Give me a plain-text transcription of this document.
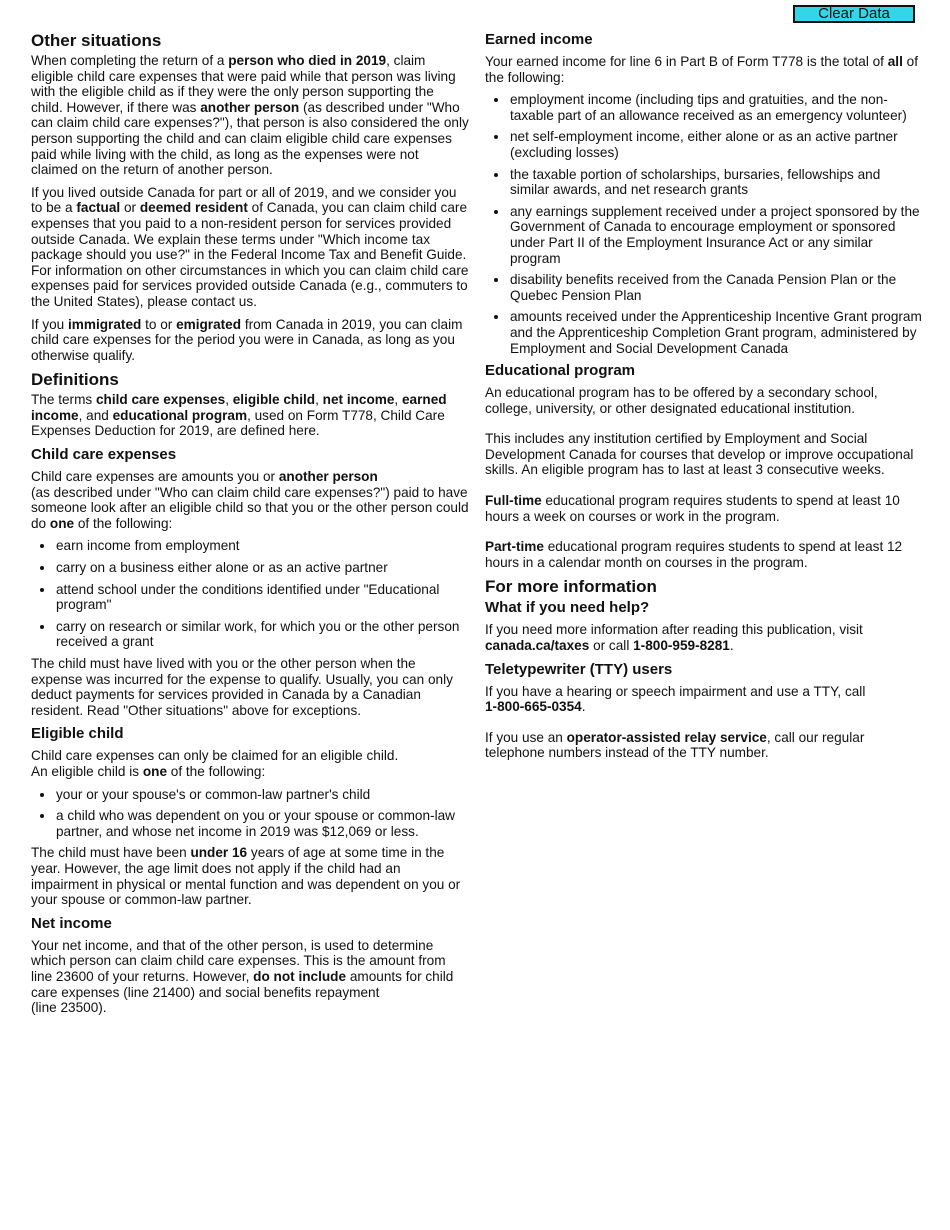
Clear Data
Other situations

When completing the return of a person who died in 2019, claim eligible child care expenses that were paid while that person was living with the eligible child as if they were the only person supporting the child. However, if there was another person (as described under "Who can claim child care expenses?"), that person is also considered the only person supporting the child and can claim eligible child care expenses paid while living with the child, as long as the expenses were not claimed on the return of another person.

If you lived outside Canada for part or all of 2019, and we consider you to be a factual or deemed resident of Canada, you can claim child care expenses that you paid to a non-resident person for services provided outside Canada. We explain these terms under "Which income tax package should you use?" in the Federal Income Tax and Benefit Guide. For information on other circumstances in which you can claim child care expenses paid for services provided outside Canada (e.g., commuters to the United States), please contact us.

If you immigrated to or emigrated from Canada in 2019, you can claim child care expenses for the period you were in Canada, as long as you otherwise qualify.

Definitions

The terms child care expenses, eligible child, net income, earned income, and educational program, used on Form T778, Child Care Expenses Deduction for 2019, are defined here.

Child care expenses

Child care expenses are amounts you or another person
(as described under "Who can claim child care expenses?") paid to have someone look after an eligible child so that you or the other person could do one of the following:

• earn income from employment
• carry on a business either alone or as an active partner
• attend school under the conditions identified under "Educational program"
• carry on research or similar work, for which you or the other person received a grant

The child must have lived with you or the other person when the expense was incurred for the expense to qualify. Usually, you can only deduct payments for services provided in Canada by a Canadian resident. Read "Other situations" above for exceptions.

Eligible child

Child care expenses can only be claimed for an eligible child.
An eligible child is one of the following:

• your or your spouse's or common-law partner's child
• a child who was dependent on you or your spouse or common-law partner, and whose net income in 2019 was $12,069 or less.

The child must have been under 16 years of age at some time in the year. However, the age limit does not apply if the child had an impairment in physical or mental function and was dependent on you or your spouse or common-law partner.

Net income

Your net income, and that of the other person, is used to determine which person can claim child care expenses. This is the amount from line 23600 of your returns. However, do not include amounts for child care expenses (line 21400) and social benefits repayment
(line 23500).

Earned income

Your earned income for line 6 in Part B of Form T778 is the total of all of the following:

• employment income (including tips and gratuities, and the non-taxable part of an allowance received as an emergency volunteer)
• net self-employment income, either alone or as an active partner (excluding losses)
• the taxable portion of scholarships, bursaries, fellowships and similar awards, and net research grants
• any earnings supplement received under a project sponsored by the Government of Canada to encourage employment or sponsored under Part II of the Employment Insurance Act or any similar program
• disability benefits received from the Canada Pension Plan or the Quebec Pension Plan
• amounts received under the Apprenticeship Incentive Grant program and the Apprenticeship Completion Grant program, administered by Employment and Social Development Canada
Educational program

An educational program has to be offered by a secondary school, college, university, or other designated educational institution.

This includes any institution certified by Employment and Social Development Canada for courses that develop or improve occupational skills. An eligible program has to last at least 3 consecutive weeks.

Full-time educational program requires students to spend at least 10 hours a week on courses or work in the program.

Part-time educational program requires students to spend at least 12 hours in a calendar month on courses in the program.

For more information
What if you need help?

If you need more information after reading this publication, visit canada.ca/taxes or call 1-800-959-8281.

Teletypewriter (TTY) users

If you have a hearing or speech impairment and use a TTY, call
1-800-665-0354.

If you use an operator-assisted relay service, call our regular telephone numbers instead of the TTY number.
